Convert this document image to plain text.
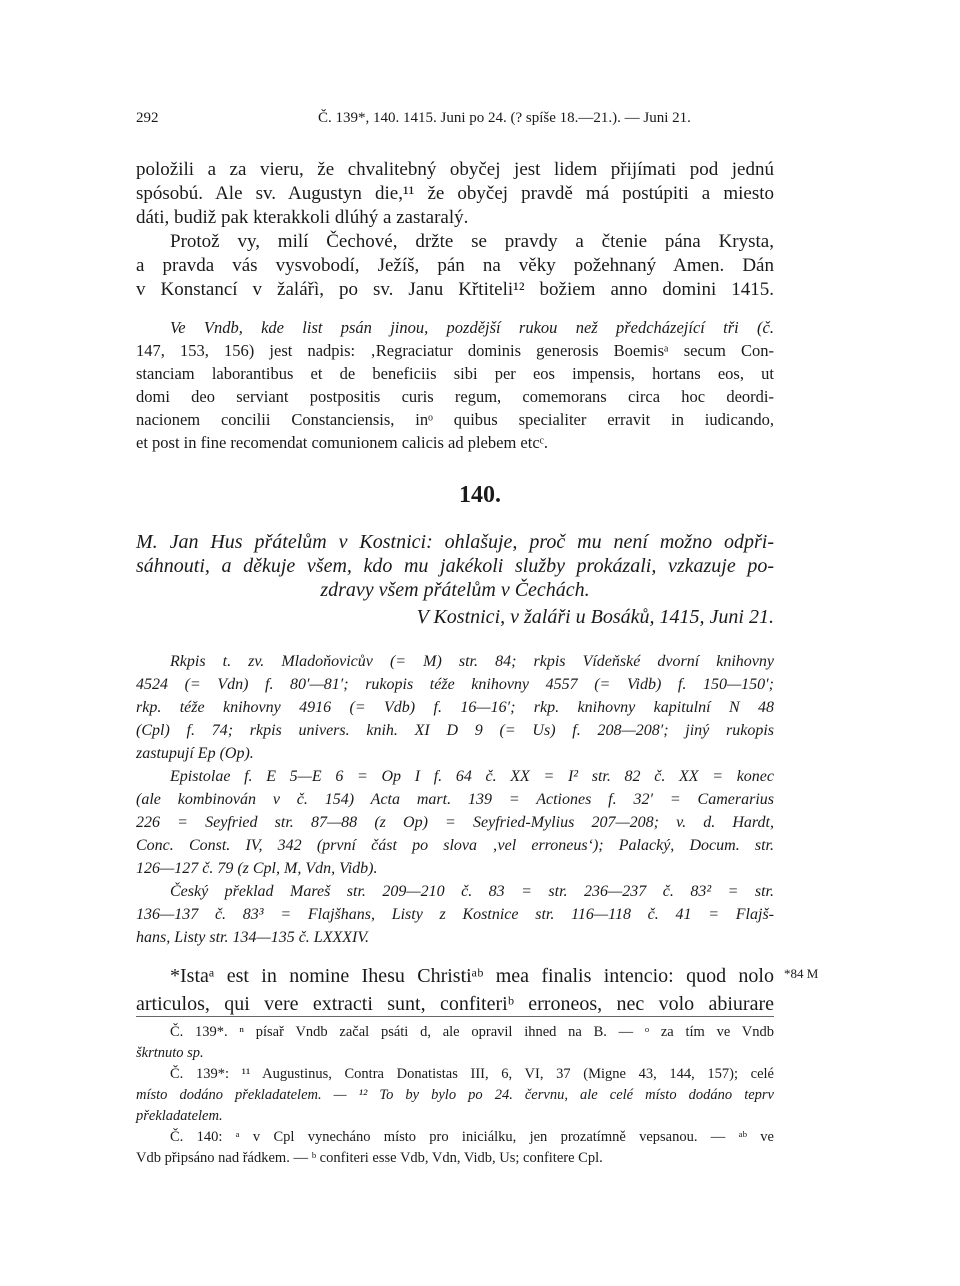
292	Č. 139*, 140. 1415. Juni po 24. (? spíše 18.—21.). — Juni 21.
položili a za vieru, že chvalitebný obyčej jest lidem přijímati pod jednú
spósobú. Ale sv. Augustyn die,¹¹ že obyčej pravdě má postúpiti a miesto
dáti, budiž pak kterakkoli dlúhý a zastaralý.
Protož vy, milí Čechové, držte se pravdy a čtenie pána Krysta,
a pravda vás vysvobodí, Ježíš, pán na věky požehnaný Amen. Dán
v Konstancí v žalářì, po sv. Janu Křtiteli¹² božiem anno domini 1415.
Ve Vndb, kde list psán jinou, pozdější rukou než předcházející tři (č.
147, 153, 156) jest nadpis: ‚Regraciatur dominis generosis Boemisᵃ secum Con-
stanciam laborantibus et de beneficiis sibi per eos impensis, hortans eos, ut
domi deo serviant postpositis curis regum, comemorans circa hoc deordi-
nacionem concilii Constanciensis, inᵒ quibus specialiter erravit in iudicando,
et post in fine recomendat comunionem calicis ad plebem etcᶜ.
140.
M. Jan Hus přátelům v Kostnici: ohlašuje, proč mu není možno odpři-
sáhnouti, a děkuje všem, kdo mu jakékoli služby prokázali, vzkazuje po-
zdravy všem přátelům v Čechách.
V Kostnici, v žaláři u Bosáků, 1415, Juni 21.
Rkpis t. zv. Mladoňovicův (= M) str. 84; rkpis Vídeňské dvorní knihovny
4524 (= Vdn) f. 80′—81′; rukopis téže knihovny 4557 (= Vidb) f. 150—150′;
rkp. téže knihovny 4916 (= Vdb) f. 16—16′; rkp. knihovny kapitulní N 48
(Cpl) f. 74; rkpis univers. knih. XI D 9 (= Us) f. 208—208′; jiný rukopis
zastupují Ep (Op).
Epistolae f. E 5—E 6 = Op I f. 64 č. XX = I² str. 82 č. XX = konec
(ale kombinován v č. 154) Acta mart. 139 = Actiones f. 32′ = Camerarius
226 = Seyfried str. 87—88 (z Op) = Seyfried-Mylius 207—208; v. d. Hardt,
Conc. Const. IV, 342 (první část po slova ‚vel erroneus‘); Palacký, Docum. str.
126—127 č. 79 (z Cpl, M, Vdn, Vidb).
Český překlad Mareš str. 209—210 č. 83 = str. 236—237 č. 83² = str.
136—137 č. 83³ = Flajšhans, Listy z Kostnice str. 116—118 č. 41 = Flajš-
hans, Listy str. 134—135 č. LXXXIV.
*Istaᵃ est in nomine Ihesu Christiᵃᵇ mea finalis intencio: quod nolo
articulos, qui vere extracti sunt, confiteriᵇ erroneos, nec volo abiurare
*84 M
Č. 139*. ⁿ písař Vndb začal psáti d, ale opravil ihned na B. — ᵒ za tím ve Vndb
škrtnuto sp.
Č. 139*: ¹¹ Augustinus, Contra Donatistas III, 6, VI, 37 (Migne 43, 144, 157); celé
místo dodáno překladatelem. — ¹² To by bylo po 24. červnu, ale celé místo dodáno teprv
překladatelem.
Č. 140: ᵃ v Cpl vynecháno místo pro iniciálku, jen prozatímně vepsanou. — ᵃᵇ ve
Vdb připsáno nad řádkem. — ᵇ confiteri esse Vdb, Vdn, Vidb, Us; confitere Cpl.
